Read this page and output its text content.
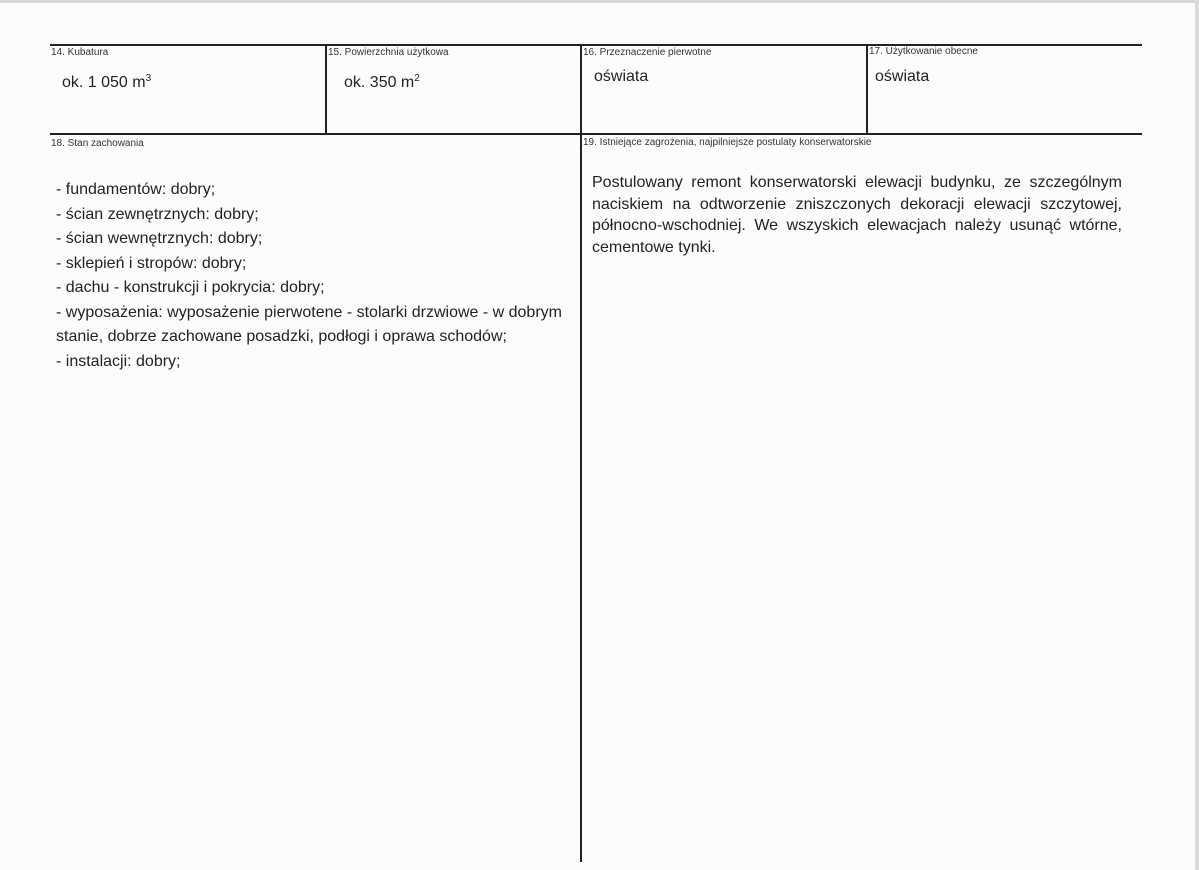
14. Kubatura
ok. 1 050 $m^3$
15. Powierzchnia użytkowa
ok. 350 $m^2$
16. Przeznaczenie pierwotne
oświata
17. Użytkowanie obecne
oświata
18. Stan zachowania
- fundamentów: dobry;
- ścian zewnętrznych: dobry;
- ścian wewnętrznych: dobry;
- sklepień i stropów: dobry;
- dachu - konstrukcji i pokrycia: dobry;
- wyposażenia: wyposażenie pierwotene - stolarki drzwiowe - w dobrym stanie, dobrze zachowane posadzki, podłogi i oprawa schodów;
- instalacji: dobry;
19. Istniejące zagrożenia, najpilniejsze postulaty konserwatorskie

Postulowany remont konserwatorski elewacji budynku, ze szczególnym naciskiem na odtworzenie zniszczonych dekoracji elewacji szczytowej, północno-wschodniej. We wszyskich elewacjach należy usunąć wtórne, cementowe tynki.
